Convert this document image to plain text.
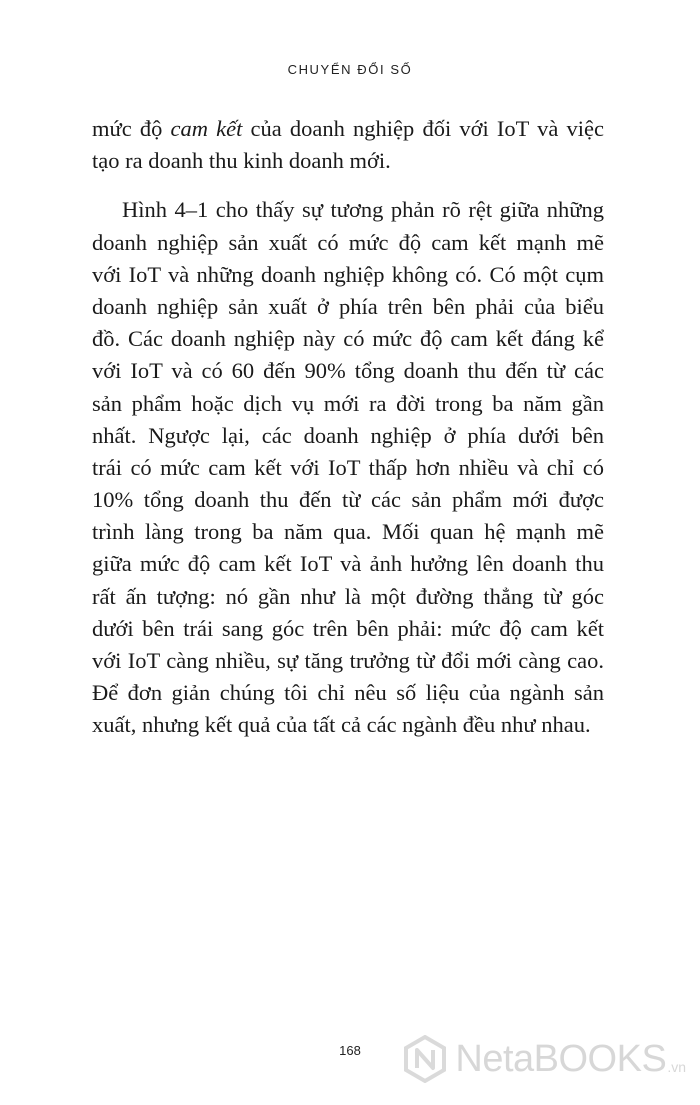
CHUYỂN ĐỔI SỐ
mức độ cam kết của doanh nghiệp đối với IoT và việc
tạo ra doanh thu kinh doanh mới.
Hình 4–1 cho thấy sự tương phản rõ rệt giữa những
doanh nghiệp sản xuất có mức độ cam kết mạnh mẽ
với IoT và những doanh nghiệp không có. Có một cụm
doanh nghiệp sản xuất ở phía trên bên phải của biểu
đồ. Các doanh nghiệp này có mức độ cam kết đáng kể
với IoT và có 60 đến 90% tổng doanh thu đến từ các
sản phẩm hoặc dịch vụ mới ra đời trong ba năm gần
nhất. Ngược lại, các doanh nghiệp ở phía dưới bên
trái có mức cam kết với IoT thấp hơn nhiều và chỉ có
10% tổng doanh thu đến từ các sản phẩm mới được
trình làng trong ba năm qua. Mối quan hệ mạnh mẽ
giữa mức độ cam kết IoT và ảnh hưởng lên doanh thu
rất ấn tượng: nó gần như là một đường thẳng từ góc
dưới bên trái sang góc trên bên phải: mức độ cam kết
với IoT càng nhiều, sự tăng trưởng từ đổi mới càng cao.
Để đơn giản chúng tôi chỉ nêu số liệu của ngành sản
xuất, nhưng kết quả của tất cả các ngành đều như nhau.
168	NetaBOOKS .vn
